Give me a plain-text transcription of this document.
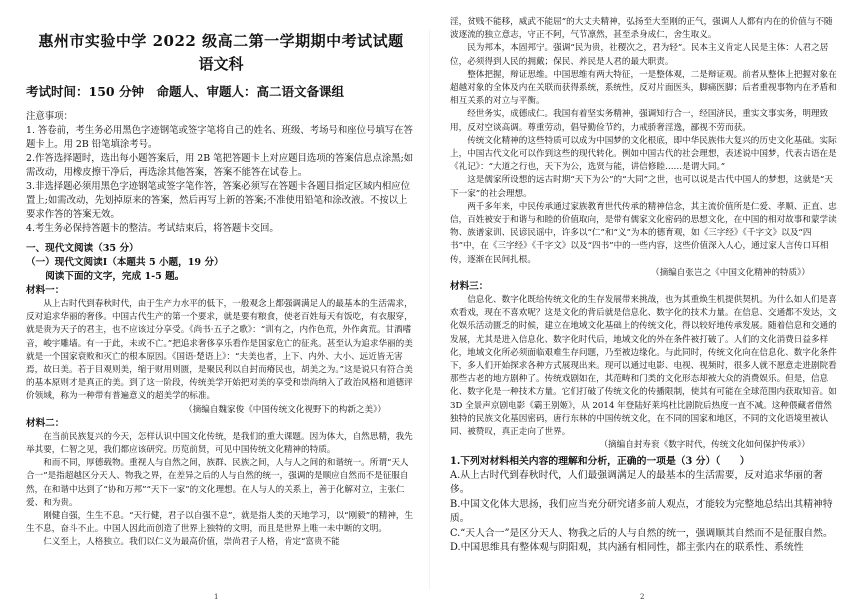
惠州市实验中学 2022 级高二第一学期期中考试试题
语文科
考试时间：150 分钟　命题人、审题人：高二语文备课组

注意事项：

1. 答卷前，考生务必用黑色字迹钢笔或签字笔将自己的姓名、班级、考场号和座位号填写在答题卡上。用 2B 铅笔填涂考号。

2.作答选择题时，选出每小题答案后，用 2B 笔把答题卡上对应题目选项的答案信息点涂黑;如需改动，用橡皮擦干净后，再选涂其他答案，答案不能答在试卷上。

3.非选择题必须用黑色字迹钢笔或签字笔作答，答案必须写在答题卡各题目指定区域内相应位置上;如需改动，先划掉原来的答案，然后再写上新的答案;不准使用铅笔和涂改液。不按以上要求作答的答案无效。

4.考生务必保持答题卡的整洁。考试结束后，将答题卡交回。

一、现代文阅读（35 分）

（一）现代文阅读Ⅰ（本题共 5 小题，19 分）

阅读下面的文字，完成 1-5 题。

材料一：

从上古时代到春秋时代，由于生产力水平的低下，一般观念上都强调满足人的最基本的生活需求，反对追求华丽的奢侈。中国古代生产的第一个要求，就是要有粮食，使老百姓每天有饭吃，有衣服穿，就是贵为天子的君主，也不应该过分享受。《尚书·五子之歌》：“训有之，内作色荒，外作禽荒。甘酒嗜音，峻宇雕墙。有一于此，未或不亡。”把追求奢侈享乐看作是国家危亡的征兆。甚至认为追求华丽的美就是一个国家衰败和灭亡的根本原因。《国语·楚语上》：“夫美也者，上下、内外、大小、远近皆无害焉，故曰美。若于目观则美，缩于财用则匮，是聚民利以自封而瘠民也，胡美之为。”这是说只有符合美的基本原则才是真正的美。到了这一阶段，传统美学开始把对美的享受和崇尚纳入了政治风格和道德评价领域，称为一种带有普遍意义的超美学的标准。

（摘编自魏家俊《中国传统文化视野下的构新之美》）

材料二：

在当前民族复兴的今天，怎样认识中国文化传统，是我们的重大课题。因为体大，自然思精，我先举其要，仁智之见，我们都应该研究。历览前贤，可见中国传统文化精神的特质。

和而不同，厚德载物。重视人与自然之间，族群、民族之间，人与人之间的和谐统一。所谓“天人合一”是指超越区分天人、物我之界，在差异之后的人与自然的统一，强调的是顺应自然而不是征服自然，在和谐中达到了“协和万邦”“天下一家”的文化理想。在人与人的关系上，善于化解对立，主张仁爱、和为贵。

刚健自强，生生不息。“天行健，君子以自强不息”，就是指人类的天地学习，以“刚毅”的精神，生生不息，奋斗不止。中国人因此而创造了世界上独特的文明，而且是世界上唯一未中断的文明。

仁义至上，人格独立。我们以仁义为最高价值，崇尚君子人格，肯定“富贵不能

1

淫，贫贱不能移，威武不能屈”的大丈夫精神，弘扬至大至刚的正气，强调人人都有内在的价值与不随波逐流的独立意志，守正不阿，气节凛然，甚至杀身成仁，舍生取义。

民为邦本，本固邦宁。强调“民为贵，社稷次之，君为轻”。民本主义肯定人民是主体：人君之居位，必须得到人民的拥戴；保民、养民是人君的最大职责。

整体把握，辩证思维。中国思维有两大特征，一是整体观，二是辩证观。前者从整体上把握对象在超越对象的全体及内在关联而获得系统，系统性，反对片面医头，脚痛医脚；后者重视事物内在矛盾和相互关系的对立与平衡。

经世务实，成德成仁。我国有着坚实务精神，强调知行合一，经国济民，重实文事实务，明理致用，反对空谈高调。尊重劳动，倡导勤俭节约，力戒骄奢淫逸，鄙视不劳而获。

传统文化精神的这些特质可以成为中国梦的文化根底，即中华民族伟大复兴的历史文化基础。实际上，中国古代文化可以作到这些的现代转化。例如中国古代的社会理想，表述说中国梦，代表古语在是《礼记》：“大道之行也，天下为公，选贤与能，讲信修睦……是谓大同。”

这是儒家所设想的远古时期“天下为公”的“大同”之世，也可以说是古代中国人的梦想，这就是“天下一家”的社会理想。

两千多年来，中民传承通过家族教育世代传承的精神信念，其主流价值所是仁爱、孝顺、正直、忠信，百姓被安于和谐与和睦的价值取向，是带有儒家文化密码的思想文化，在中国的相对故事和蒙学读物、族谱家训、民谚民谣中，许多以“仁”和“义”为本的德育观，如《三字经》《千字文》以及“四书”中，在《三字经》《千字文》以及“四书”中的一些内容，这些价值深入人心，通过家人言传口耳相传，逐渐在民间扎根。

（摘编自张岂之《中国文化精神的特质》）

材料三：

信息化、数字化既给传统文化的生存发展带来挑战，也为其重焕生机提供契机。为什么如人们是喜欢看戏，现在不喜欢呢？这是文化的背后就是信息化、数字化的技术力量。在信息、交通都不发达，文化娱乐活动匮乏的时候，建立在地域文化基础上的传统文化，得以较好地传承发展。随着信息和交通的发展，尤其是进入信息化、数字化时代后，地域文化的外在条件被打破了。人们的文化消费日益多样化，地域文化所必须面临艰难生存问题，乃至被边缘化。与此同时，传统文化向在信息化、数字化条件下，多人们开始探求各种方式展现出来。现可以通过电影、电视、视频时，很多人就不愿意走进剧院看那些古老的地方剧种了。传统戏剧如在，其范畴和门类的文化形态却被大众的消费娱乐。但是，信息化、数字化是一种技术方量。它们打破了传统文化的传播限制，使其有可能在全球范围内获取知音。如 3D 全景声京剧电影《霸王别姬》，从 2014 年登陆好莱坞杜比剧院后热度一直不减。这种偎藏者借然独特的民族文化基因密码，唐行东林的中国传统文化，在不同的国家和地区，不同的文化语境里被认同、被赞叹，真正走向了世界。

（摘编自封寿衮《数字时代，传统文化如何保护传承》）

1.下列对材料相关内容的理解和分析，正确的一项是（3 分）（　　）

A.从上古时代到春秋时代，人们最强调满足人的最基本的生活需要，反对追求华丽的奢侈。

B.中国文化体大思扬，我们应当充分研究诸多前人观点，才能较为完整地总结出其精神特质。

C.“天人合一”是区分天人、物我之后的人与自然的统一，强调顺其自然而不是征服自然。

D.中国思维具有整体观与阴阳观，其内涵有相同性，都主张内在的联系性、系统性

2
